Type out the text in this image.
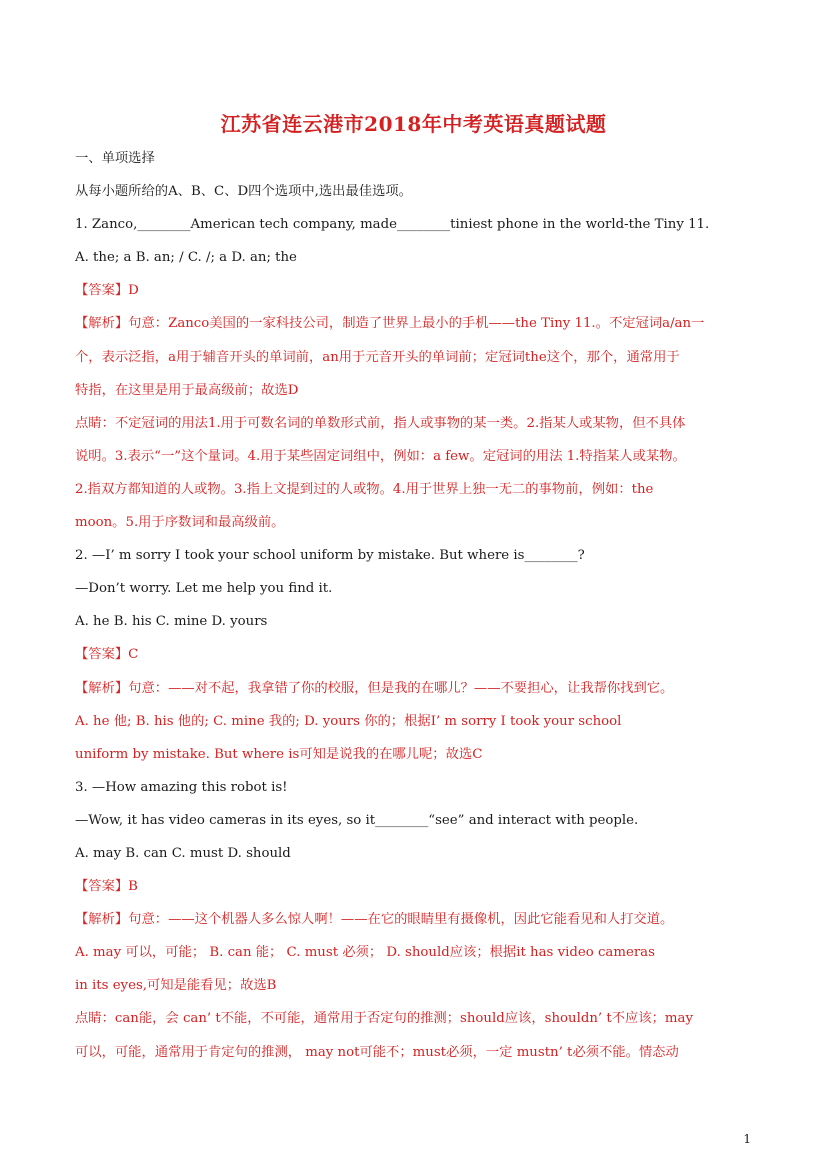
江苏省连云港市2018年中考英语真题试题
一、单项选择
从每小题所给的A、B、C、D四个选项中,选出最佳选项。
1. Zanco,________American tech company, made________tiniest phone in the world-the Tiny 11.
A. the; a B. an; / C. /; a D. an; the
【答案】D
【解析】句意：Zanco美国的一家科技公司，制造了世界上最小的手机——the Tiny 11.。不定冠词a/an一
个，表示泛指，a用于辅音开头的单词前，an用于元音开头的单词前；定冠词the这个，那个，通常用于
特指，在这里是用于最高级前；故选D
点睛：不定冠词的用法1.用于可数名词的单数形式前，指人或事物的某一类。2.指某人或某物，但不具体
说明。3.表示“一”这个量词。4.用于某些固定词组中，例如：a few。定冠词的用法 1.特指某人或某物。
2.指双方都知道的人或物。3.指上文提到过的人或物。4.用于世界上独一无二的事物前，例如：the
moon。5.用于序数词和最高级前。
2. —I’ m sorry I took your school uniform by mistake. But where is________?
—Don’t worry. Let me help you find it.
A. he B. his C. mine D. yours
【答案】C
【解析】句意：——对不起，我拿错了你的校服，但是我的在哪儿？——不要担心，让我帮你找到它。
A. he 他; B. his 他的; C. mine 我的; D. yours 你的；根据I’ m sorry I took your school
uniform by mistake. But where is可知是说我的在哪儿呢；故选C
3. —How amazing this robot is!
—Wow, it has video cameras in its eyes, so it________“see” and interact with people.
A. may B. can C. must D. should
【答案】B
【解析】句意：——这个机器人多么惊人啊！——在它的眼睛里有摄像机，因此它能看见和人打交道。
A. may 可以，可能； B. can 能； C. must 必须； D. should应该；根据it has video cameras
in its eyes,可知是能看见；故选B
点睛：can能，会 can’ t不能，不可能，通常用于否定句的推测；should应该，shouldn’ t不应该；may
可以，可能，通常用于肯定句的推测， may not可能不；must必须，一定 mustn’ t必须不能。情态动
1
